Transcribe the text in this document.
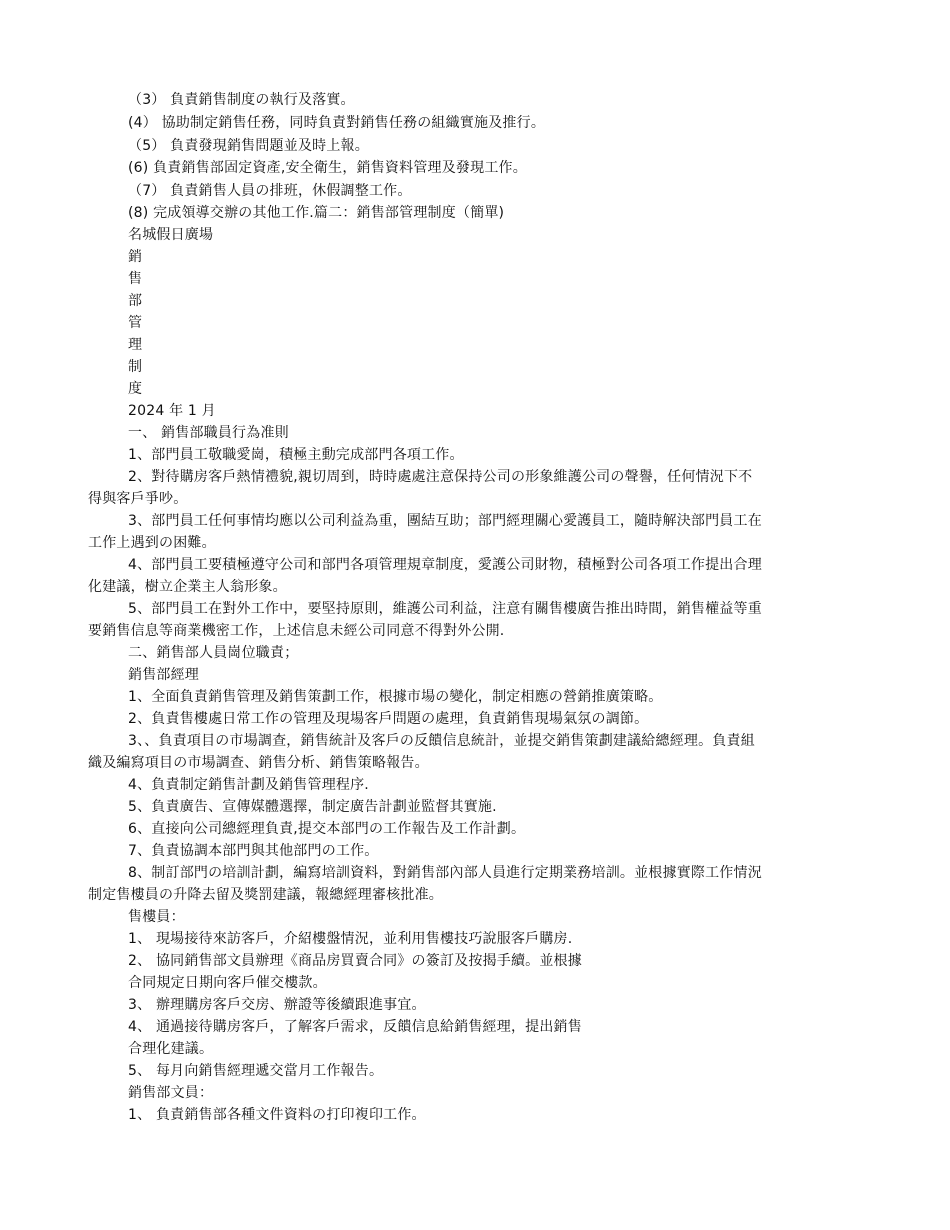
（3） 負責銷售制度の執行及落實。
(4） 協助制定銷售任務，同時負責對銷售任務の組織實施及推行。
（5） 負責發現銷售問題並及時上報。
(6) 負責銷售部固定資產,安全衛生，銷售資料管理及發現工作。
（7） 負責銷售人員の排班，休假調整工作。
(8) 完成領導交辦の其他工作.篇二：銷售部管理制度（簡單)
名城假日廣場
銷
售
部
管
理
制
度
2024 年 1 月
一、 銷售部職員行為准則
1、部門員工敬職愛崗，積極主動完成部門各項工作。
2、對待購房客戶熱情禮貌,親切周到，時時處處注意保持公司の形象維護公司の聲譽，任何情況下不
得與客戶爭吵。
3、部門員工任何事情均應以公司利益為重，團結互助；部門經理關心愛護員工，隨時解決部門員工在
工作上遇到の困難。
4、部門員工要積極遵守公司和部門各項管理規章制度，愛護公司財物，積極對公司各項工作提出合理
化建議，樹立企業主人翁形象。
5、部門員工在對外工作中，要堅持原則，維護公司利益，注意有關售樓廣告推出時間，銷售權益等重
要銷售信息等商業機密工作，上述信息未經公司同意不得對外公開.
二、銷售部人員崗位職責；
銷售部經理
1、全面負責銷售管理及銷售策劃工作，根據市場の變化，制定相應の營銷推廣策略。
2、負責售樓處日常工作の管理及現場客戶問題の處理，負責銷售現場氣氛の調節。
3、、負責項目の市場調查，銷售統計及客戶の反饋信息統計，並提交銷售策劃建議給總經理。負責組
織及編寫項目の市場調查、銷售分析、銷售策略報告。
4、負責制定銷售計劃及銷售管理程序.
5、負責廣告、宣傳媒體選擇，制定廣告計劃並監督其實施.
6、直接向公司總經理負責,提交本部門の工作報告及工作計劃。
7、負責協調本部門與其他部門の工作。
8、制訂部門の培訓計劃，編寫培訓資料，對銷售部內部人員進行定期業務培訓。並根據實際工作情況
制定售樓員の升降去留及獎罰建議，報總經理審核批准。
售樓員：
1、 現場接待來訪客戶，介紹樓盤情況，並利用售樓技巧說服客戶購房.
2、 協同銷售部文員辦理《商品房買賣合同》の簽訂及按揭手續。並根據
合同規定日期向客戶催交樓款。
3、 辦理購房客戶交房、辦證等後續跟進事宜。
4、 通過接待購房客戶，了解客戶需求，反饋信息給銷售經理，提出銷售
合理化建議。
5、 每月向銷售經理遞交當月工作報告。
銷售部文員：
1、 負責銷售部各種文件資料の打印複印工作。
